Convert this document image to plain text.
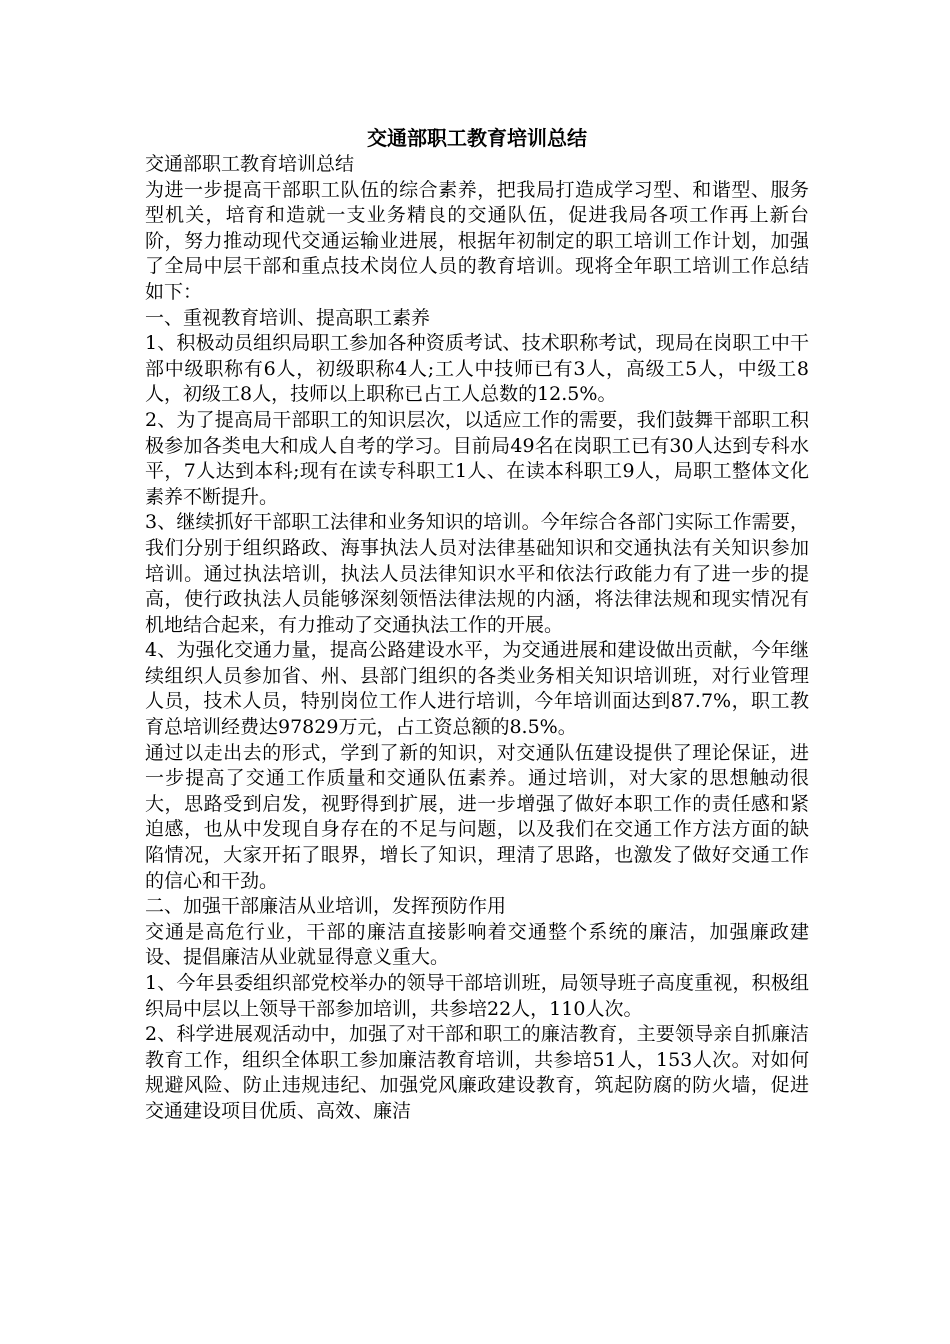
交通部职工教育培训总结

交通部职工教育培训总结

为进一步提高干部职工队伍的综合素养，把我局打造成学习型、和谐型、服务型机关，培育和造就一支业务精良的交通队伍，促进我局各项工作再上新台阶，努力推动现代交通运输业进展，根据年初制定的职工培训工作计划，加强了全局中层干部和重点技术岗位人员的教育培训。现将全年职工培训工作总结如下：

一、重视教育培训、提高职工素养

1、积极动员组织局职工参加各种资质考试、技术职称考试，现局在岗职工中干部中级职称有6人，初级职称4人;工人中技师已有3人，高级工5人，中级工8人，初级工8人，技师以上职称已占工人总数的12.5%。

2、为了提高局干部职工的知识层次，以适应工作的需要，我们鼓舞干部职工积极参加各类电大和成人自考的学习。目前局49名在岗职工已有30人达到专科水平，7人达到本科;现有在读专科职工1人、在读本科职工9人，局职工整体文化素养不断提升。

3、继续抓好干部职工法律和业务知识的培训。今年综合各部门实际工作需要，我们分别于组织路政、海事执法人员对法律基础知识和交通执法有关知识参加培训。通过执法培训，执法人员法律知识水平和依法行政能力有了进一步的提高，使行政执法人员能够深刻领悟法律法规的内涵，将法律法规和现实情况有机地结合起来，有力推动了交通执法工作的开展。

4、为强化交通力量，提高公路建设水平，为交通进展和建设做出贡献，今年继续组织人员参加省、州、县部门组织的各类业务相关知识培训班，对行业管理人员，技术人员，特别岗位工作人进行培训，今年培训面达到87.7%，职工教育总培训经费达97829万元，占工资总额的8.5%。

通过以走出去的形式，学到了新的知识，对交通队伍建设提供了理论保证，进一步提高了交通工作质量和交通队伍素养。通过培训，对大家的思想触动很大，思路受到启发，视野得到扩展，进一步增强了做好本职工作的责任感和紧迫感，也从中发现自身存在的不足与问题，以及我们在交通工作方法方面的缺陷情况，大家开拓了眼界，增长了知识，理清了思路，也激发了做好交通工作的信心和干劲。

二、加强干部廉洁从业培训，发挥预防作用

交通是高危行业，干部的廉洁直接影响着交通整个系统的廉洁，加强廉政建设、提倡廉洁从业就显得意义重大。

1、今年县委组织部党校举办的领导干部培训班，局领导班子高度重视，积极组织局中层以上领导干部参加培训，共参培22人，110人次。

2、科学进展观活动中，加强了对干部和职工的廉洁教育，主要领导亲自抓廉洁教育工作，组织全体职工参加廉洁教育培训，共参培51人，153人次。对如何规避风险、防止违规违纪、加强党风廉政建设教育，筑起防腐的防火墙，促进交通建设项目优质、高效、廉洁
